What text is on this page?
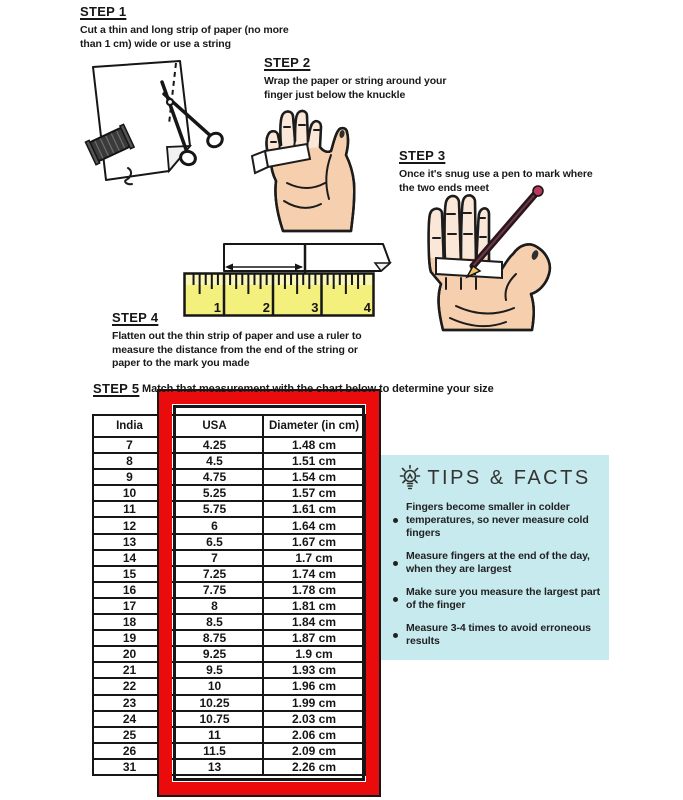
STEP 1
Cut a thin and long strip of paper (no more than 1 cm) wide or use a string
STEP 2
Wrap the paper or string around your finger just below the knuckle
STEP 3
Once it's snug use a pen to mark where the two ends meet
1	2	3	4
STEP 4
Flatten out the thin strip of paper and use a ruler to measure the distance from the end of the string or paper to the mark you made
STEP 5 Match that measurement with the chart below to determine your size
India	USA	Diameter (in cm)
7	4.25	1.48 cm
8	4.5	1.51 cm
9	4.75	1.54 cm
10	5.25	1.57 cm
11	5.75	1.61 cm
12	6	1.64 cm
13	6.5	1.67 cm
14	7	1.7 cm
15	7.25	1.74 cm
16	7.75	1.78 cm
17	8	1.81 cm
18	8.5	1.84 cm
19	8.75	1.87 cm
20	9.25	1.9 cm
21	9.5	1.93 cm
22	10	1.96 cm
23	10.25	1.99 cm
24	10.75	2.03 cm
25	11	2.06 cm
26	11.5	2.09 cm
31	13	2.26 cm
TIPS & FACTS
Fingers become smaller in colder temperatures, so never measure cold fingers
Measure fingers at the end of the day, when they are largest
Make sure you measure the largest part of the finger
Measure 3-4 times to avoid erroneous results
